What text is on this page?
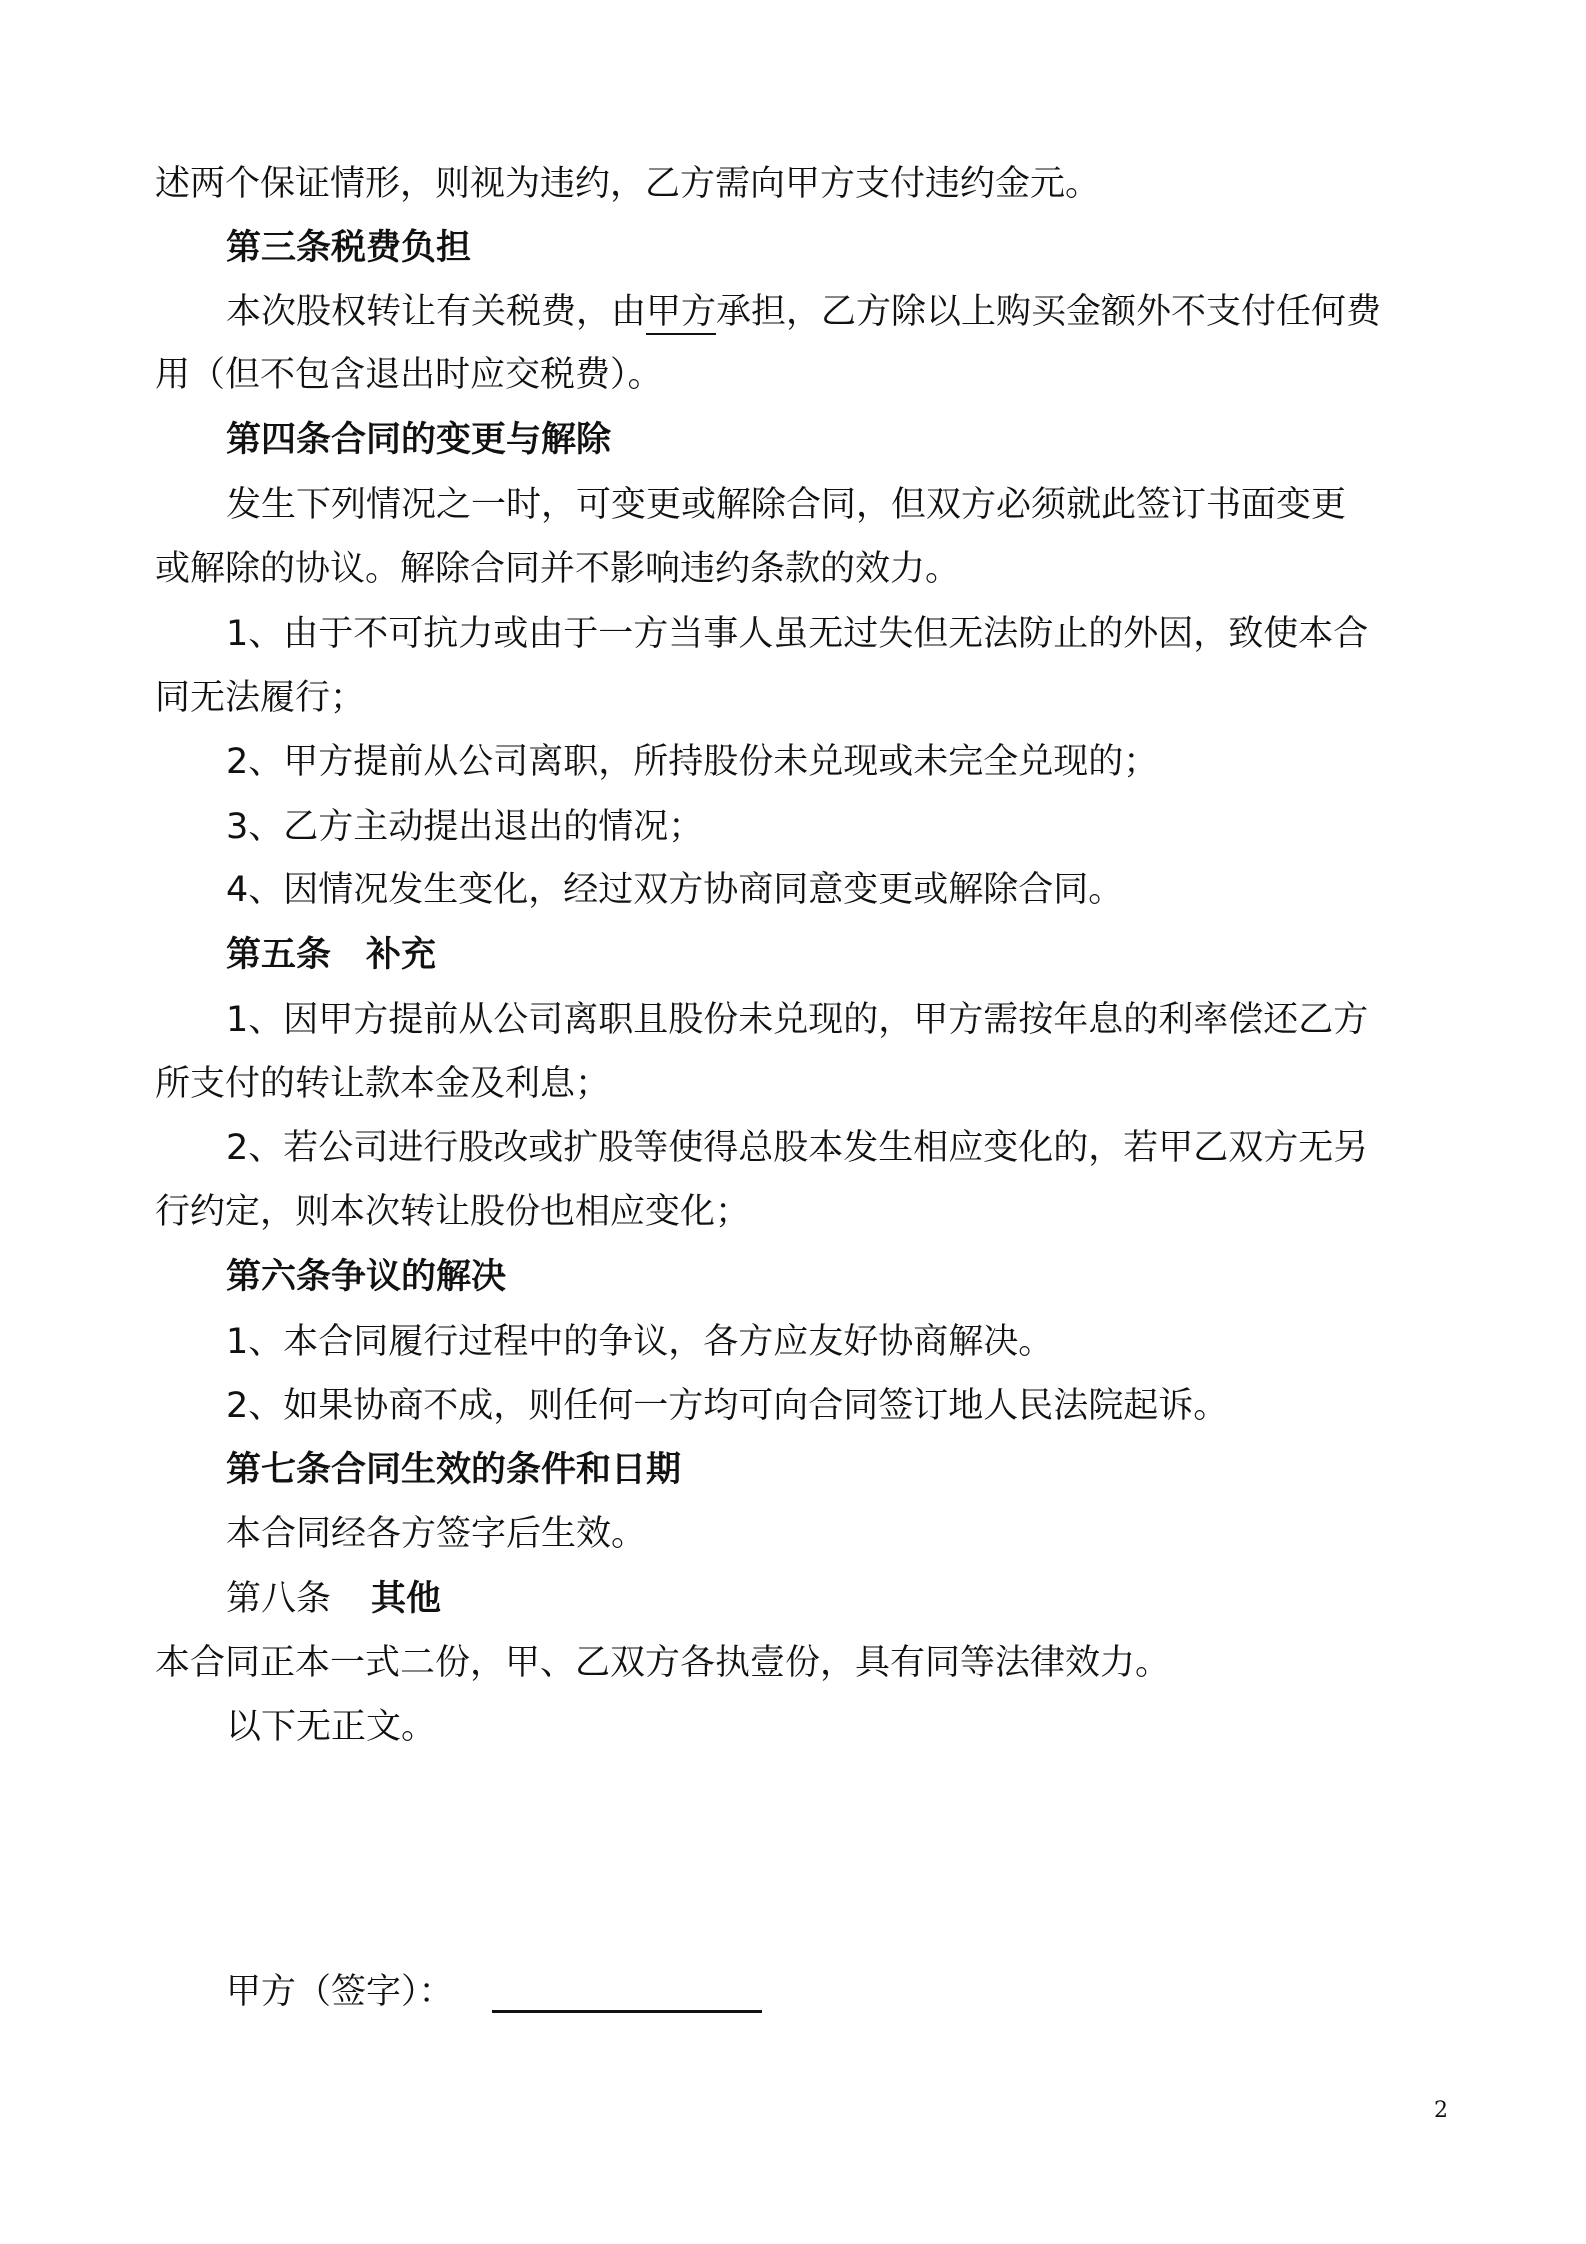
述两个保证情形，则视为违约，乙方需向甲方支付违约金元。

第三条税费负担

本次股权转让有关税费，由甲方承担，乙方除以上购买金额外不支付任何费

用（但不包含退出时应交税费）。

第四条合同的变更与解除

发生下列情况之一时，可变更或解除合同，但双方必须就此签订书面变更

或解除的协议。解除合同并不影响违约条款的效力。

1、由于不可抗力或由于一方当事人虽无过失但无法防止的外因，致使本合

同无法履行；

2、甲方提前从公司离职，所持股份未兑现或未完全兑现的；

3、乙方主动提出退出的情况；

4、因情况发生变化，经过双方协商同意变更或解除合同。

第五条　补充

1、因甲方提前从公司离职且股份未兑现的，甲方需按年息的利率偿还乙方

所支付的转让款本金及利息；

2、若公司进行股改或扩股等使得总股本发生相应变化的，若甲乙双方无另

行约定，则本次转让股份也相应变化；

第六条争议的解决

1、本合同履行过程中的争议，各方应友好协商解决。

2、如果协商不成，则任何一方均可向合同签订地人民法院起诉。

第七条合同生效的条件和日期

本合同经各方签字后生效。

第八条 其他

本合同正本一式二份，甲、乙双方各执壹份，具有同等法律效力。

以下无正文。

甲方（签字）：

2
